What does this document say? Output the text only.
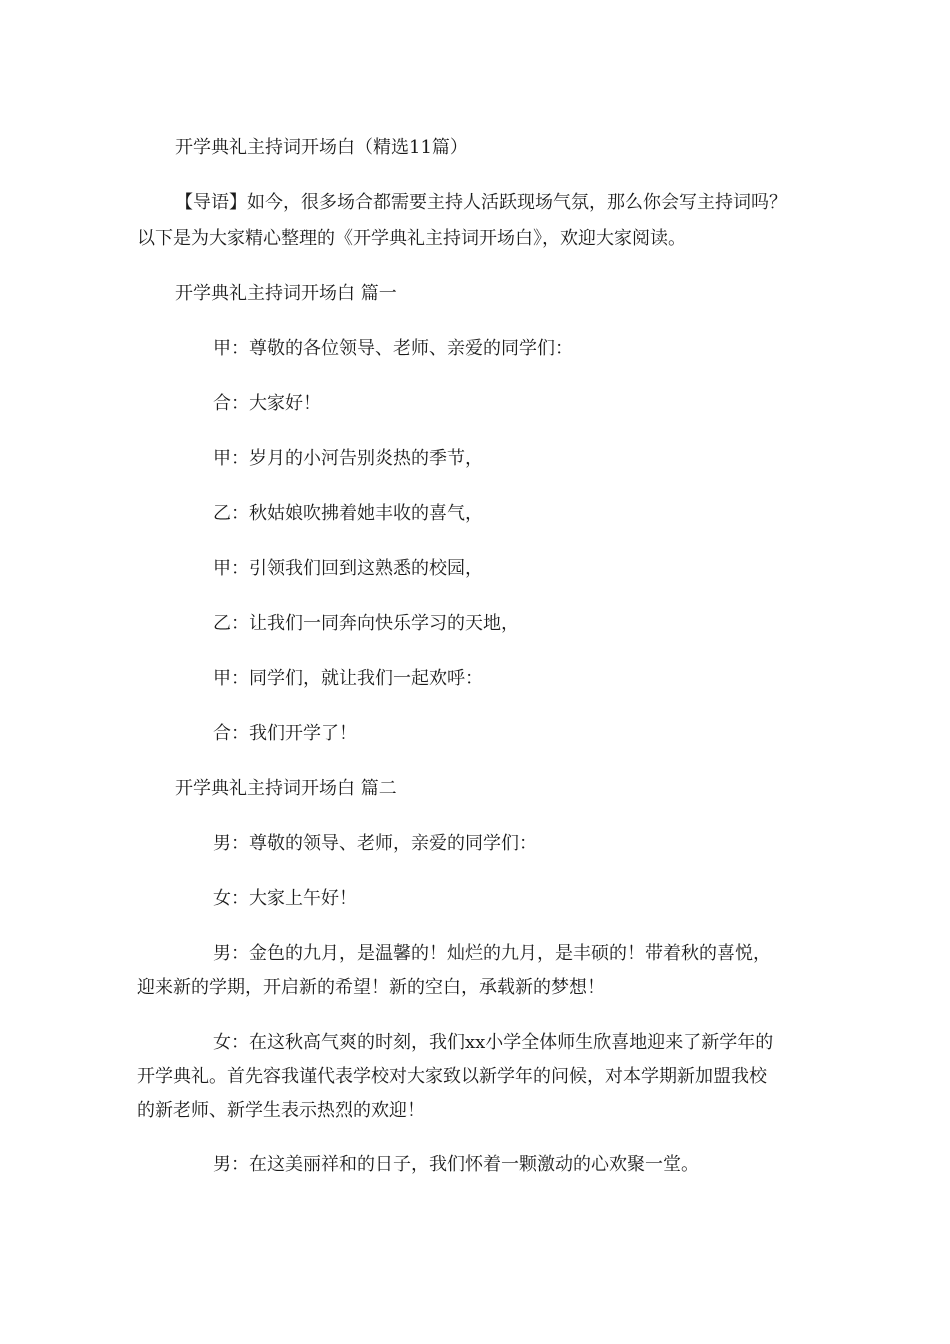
开学典礼主持词开场白（精选11篇）
【导语】如今，很多场合都需要主持人活跃现场气氛，那么你会写主持词吗？
以下是为大家精心整理的《开学典礼主持词开场白》，欢迎大家阅读。
开学典礼主持词开场白 篇一
甲：尊敬的各位领导、老师、亲爱的同学们：
合：大家好！
甲：岁月的小河告别炎热的季节，
乙：秋姑娘吹拂着她丰收的喜气，
甲：引领我们回到这熟悉的校园，
乙：让我们一同奔向快乐学习的天地，
甲：同学们，就让我们一起欢呼：
合：我们开学了！
开学典礼主持词开场白 篇二
男：尊敬的领导、老师，亲爱的同学们：
女：大家上午好！
男：金色的九月，是温馨的！灿烂的九月，是丰硕的！带着秋的喜悦，
迎来新的学期，开启新的希望！新的空白，承载新的梦想！
女：在这秋高气爽的时刻，我们xx小学全体师生欣喜地迎来了新学年的
开学典礼。首先容我谨代表学校对大家致以新学年的问候，对本学期新加盟我校
的新老师、新学生表示热烈的欢迎！
男：在这美丽祥和的日子，我们怀着一颗激动的心欢聚一堂。
